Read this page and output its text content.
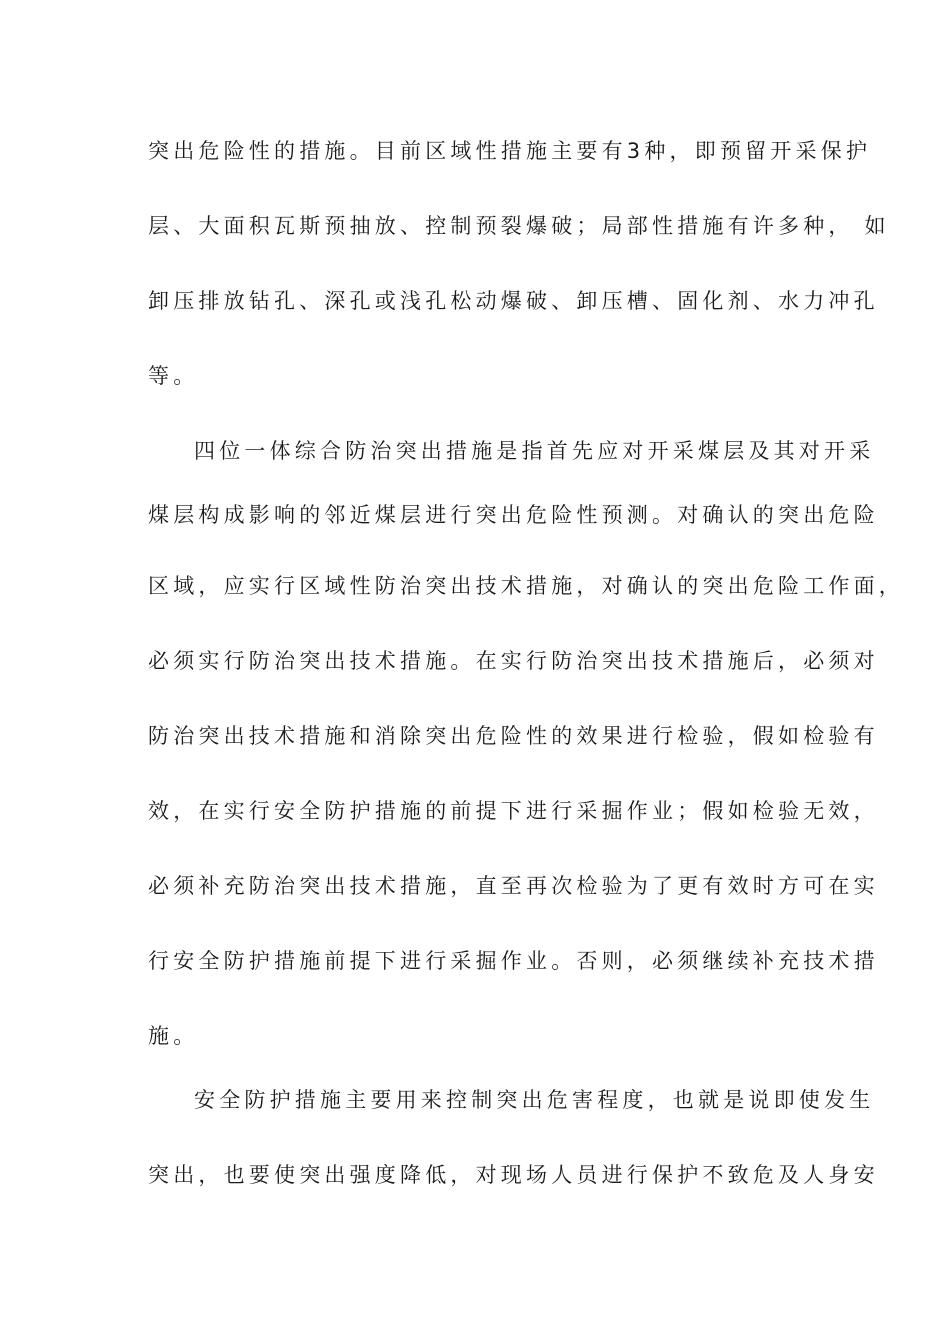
突出危险性的措施。目前区域性措施主要有3种，即预留开采保护
层、大面积瓦斯预抽放、控制预裂爆破；局部性措施有许多种， 如
卸压排放钻孔、深孔或浅孔松动爆破、卸压槽、固化剂、水力冲孔
等。
四位一体综合防治突出措施是指首先应对开采煤层及其对开采
煤层构成影响的邻近煤层进行突出危险性预测。对确认的突出危险
区域，应实行区域性防治突出技术措施，对确认的突出危险工作面，
必须实行防治突出技术措施。在实行防治突出技术措施后，必须对
防治突出技术措施和消除突出危险性的效果进行检验，假如检验有
效，在实行安全防护措施的前提下进行采掘作业；假如检验无效，
必须补充防治突出技术措施，直至再次检验为了更有效时方可在实
行安全防护措施前提下进行采掘作业。否则，必须继续补充技术措
施。
安全防护措施主要用来控制突出危害程度，也就是说即使发生
突出，也要使突出强度降低，对现场人员进行保护不致危及人身安
